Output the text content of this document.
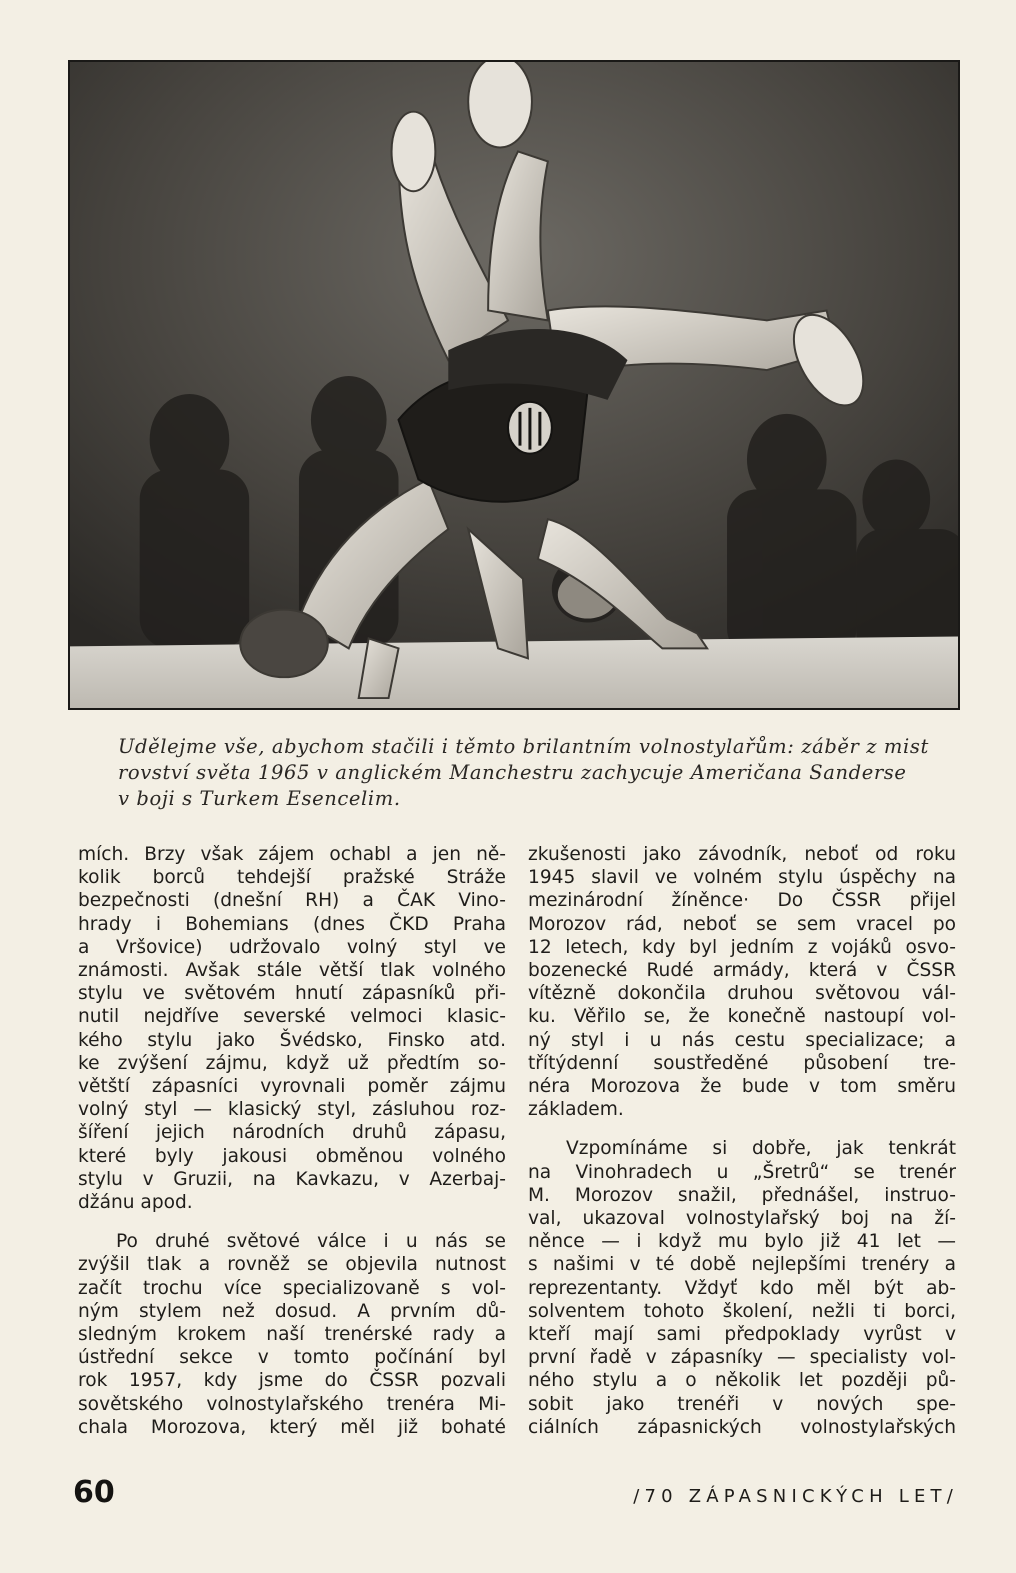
Udělejme vše, abychom stačili i těmto brilantním volnostylařům: záběr z mist
rovství světa 1965 v anglickém Manchestru zachycuje Američana Sanderse
v boji s Turkem Esencelim.

mích. Brzy však zájem ochabl a jen ně-
kolik borců tehdejší pražské Stráže
bezpečnosti (dnešní RH) a ČAK Vino-
hrady i Bohemians (dnes ČKD Praha
a Vršovice) udržovalo volný styl ve
známosti. Avšak stále větší tlak volného
stylu ve světovém hnutí zápasníků při-
nutil nejdříve severské velmoci klasic-
kého stylu jako Švédsko, Finsko atd.
ke zvýšení zájmu, když už předtím so-
větští zápasníci vyrovnali poměr zájmu
volný styl — klasický styl, zásluhou roz-
šíření jejich národních druhů zápasu,
které byly jakousi obměnou volného
stylu v Gruzii, na Kavkazu, v Azerbaj-
džánu apod.

Po druhé světové válce i u nás se
zvýšil tlak a rovněž se objevila nutnost
začít trochu více specializovaně s vol-
ným stylem než dosud. A prvním dů-
sledným krokem naší trenérské rady a
ústřední sekce v tomto počínání byl
rok 1957, kdy jsme do ČSSR pozvali
sovětského volnostylařského trenéra Mi-
chala Morozova, který měl již bohaté

zkušenosti jako závodník, neboť od roku
1945 slavil ve volném stylu úspěchy na
mezinárodní žíněnce· Do ČSSR přijel
Morozov rád, neboť se sem vracel po
12 letech, kdy byl jedním z vojáků osvo-
bozenecké Rudé armády, která v ČSSR
vítězně dokončila druhou světovou vál-
ku. Věřilo se, že konečně nastoupí vol-
ný styl i u nás cestu specializace; a
třítýdenní soustředěné působení tre-
néra Morozova že bude v tom směru
základem.

Vzpomínáme si dobře, jak tenkrát
na Vinohradech u „Šretrů“ se trenér
M. Morozov snažil, přednášel, instruo-
val, ukazoval volnostylařský boj na ží-
něnce — i když mu bylo již 41 let —
s našimi v té době nejlepšími trenéry a
reprezentanty. Vždyť kdo měl být ab-
solventem tohoto školení, nežli ti borci,
kteří mají sami předpoklady vyrůst v
první řadě v zápasníky — specialisty vol-
ného stylu a o několik let později pů-
sobit jako trenéři v nových spe-
ciálních zápasnických volnostylařských

60	/70 ZÁPASNICKÝCH LET/
